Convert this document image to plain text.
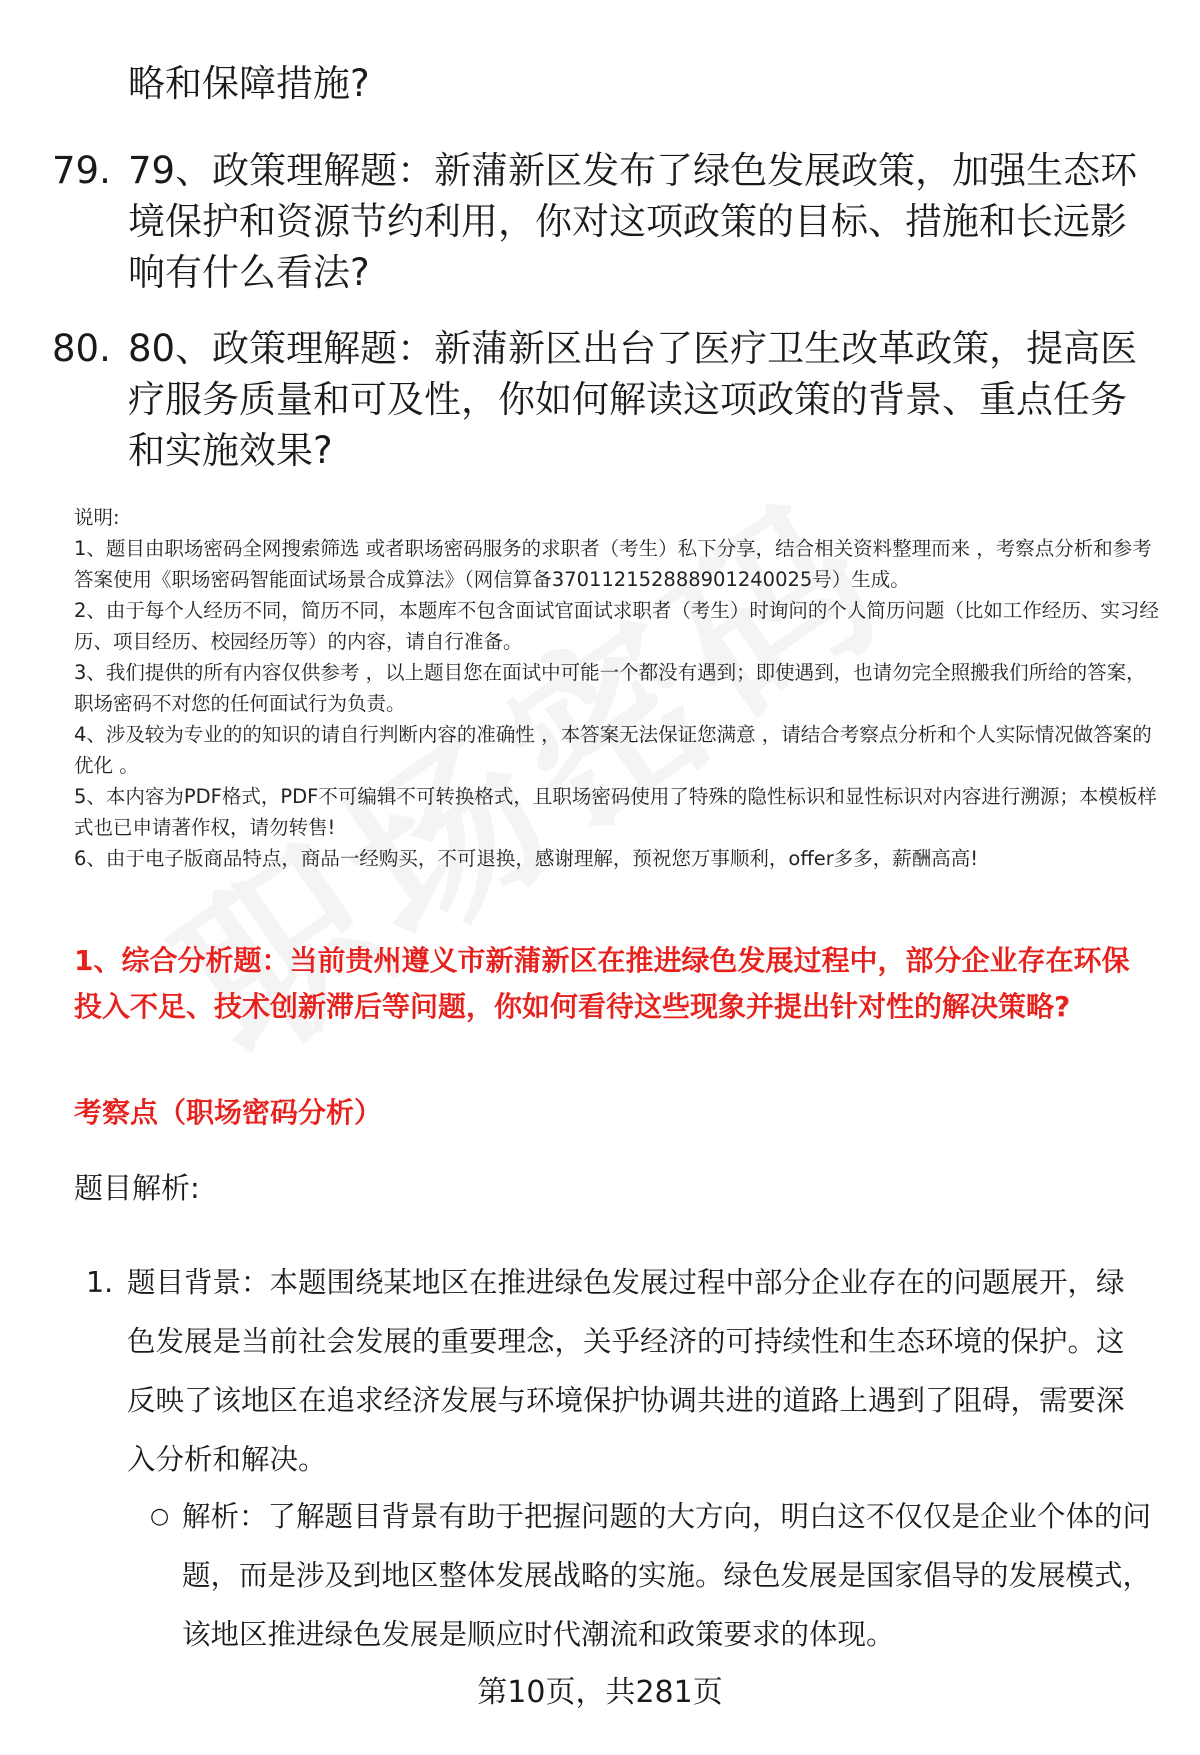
略和保障措施?

79. 79、政策理解题：新蒲新区发布了绿色发展政策，加强生态环境保护和资源节约利用，你对这项政策的目标、措施和长远影响有什么看法?
80. 80、政策理解题：新蒲新区出台了医疗卫生改革政策，提高医疗服务质量和可及性，你如何解读这项政策的背景、重点任务和实施效果?

说明:

1、题目由职场密码全网搜索筛选 或者职场密码服务的求职者（考生）私下分享，结合相关资料整理而来 ，考察点分析和参考答案使用《职场密码智能面试场景合成算法》（网信算备370112152888901240025号）生成。

2、由于每个人经历不同，简历不同，本题库不包含面试官面试求职者（考生）时询问的个人简历问题（比如工作经历、实习经历、项目经历、校园经历等）的内容，请自行准备。

3、我们提供的所有内容仅供参考 ，以上题目您在面试中可能一个都没有遇到；即使遇到，也请勿完全照搬我们所给的答案，职场密码不对您的任何面试行为负责。

4、涉及较为专业的的知识的请自行判断内容的准确性 ，本答案无法保证您满意 ，请结合考察点分析和个人实际情况做答案的优化 。

5、本内容为PDF格式，PDF不可编辑不可转换格式，且职场密码使用了特殊的隐性标识和显性标识对内容进行溯源；本模板样式也已申请著作权，请勿转售!

6、由于电子版商品特点，商品一经购买，不可退换，感谢理解，预祝您万事顺利，offer多多，薪酬高高!

1、综合分析题：当前贵州遵义市新蒲新区在推进绿色发展过程中，部分企业存在环保投入不足、技术创新滞后等问题，你如何看待这些现象并提出针对性的解决策略?

考察点（职场密码分析）

题目解析:

1. 题目背景：本题围绕某地区在推进绿色发展过程中部分企业存在的问题展开，绿色发展是当前社会发展的重要理念，关乎经济的可持续性和生态环境的保护。这反映了该地区在追求经济发展与环境保护协调共进的道路上遇到了阻碍，需要深入分析和解决。
○ 解析：了解题目背景有助于把握问题的大方向，明白这不仅仅是企业个体的问题，而是涉及到地区整体发展战略的实施。绿色发展是国家倡导的发展模式，该地区推进绿色发展是顺应时代潮流和政策要求的体现。

第10页，共281页
